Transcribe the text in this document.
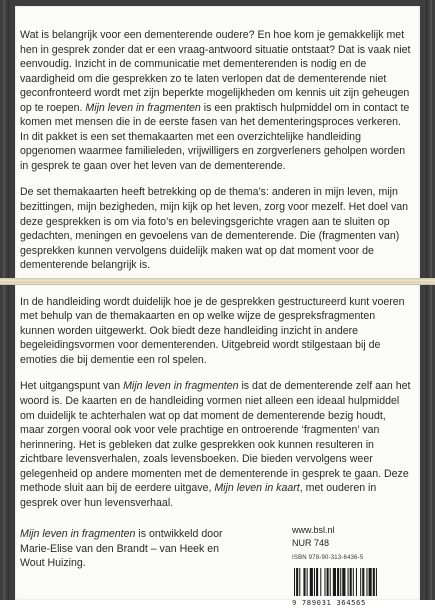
Wat is belangrijk voor een dementerende oudere? En hoe kom je gemakkelijk met hen in gesprek zonder dat er een vraag-antwoord situatie ontstaat? Dat is vaak niet eenvoudig. Inzicht in de communicatie met dementerenden is nodig en de vaardigheid om die gesprekken zo te laten verlopen dat de dementerende niet geconfronteerd wordt met zijn beperkte mogelijkheden om kennis uit zijn geheugen op te roepen. Mijn leven in fragmenten is een praktisch hulpmiddel om in contact te komen met mensen die in de eerste fasen van het dementeringsproces verkeren. In dit pakket is een set themakaarten met een overzichtelijke handleiding opgenomen waarmee familieleden, vrijwilligers en zorgverleners geholpen worden in gesprek te gaan over het leven van de dementerende.

De set themakaarten heeft betrekking op de thema’s: anderen in mijn leven, mijn bezittingen, mijn bezigheden, mijn kijk op het leven, zorg voor mezelf. Het doel van deze gesprekken is om via foto’s en belevingsgerichte vragen aan te sluiten op gedachten, meningen en gevoelens van de dementerende. Die (fragmenten van) gesprekken kunnen vervolgens duidelijk maken wat op dat moment voor de dementerende belangrijk is.

In de handleiding wordt duidelijk hoe je de gesprekken gestructureerd kunt voeren met behulp van de themakaarten en op welke wijze de gespreksfragmenten kunnen worden uitgewerkt. Ook biedt deze handleiding inzicht in andere begeleidingsvormen voor dementerenden. Uitgebreid wordt stilgestaan bij de emoties die bij dementie een rol spelen.

Het uitgangspunt van Mijn leven in fragmenten is dat de dementerende zelf aan het woord is. De kaarten en de handleiding vormen niet alleen een ideaal hulpmiddel om duidelijk te achterhalen wat op dat moment de dementerende bezig houdt, maar zorgen vooral ook voor vele prachtige en ontroerende ‘fragmenten’ van herinnering. Het is gebleken dat zulke gesprekken ook kunnen resulteren in zichtbare levensverhalen, zoals levensboeken. Die bieden vervolgens weer gelegenheid op andere momenten met de dementerende in gesprek te gaan. Deze methode sluit aan bij de eerdere uitgave, Mijn leven in kaart, met ouderen in gesprek over hun levensverhaal.

Mijn leven in fragmenten is ontwikkeld door Marie-Elise van den Brandt – van Heek en Wout Huizing.
www.bsl.nl
NUR 748
ISBN 978-90-313-6436-5
9 789031 364565
